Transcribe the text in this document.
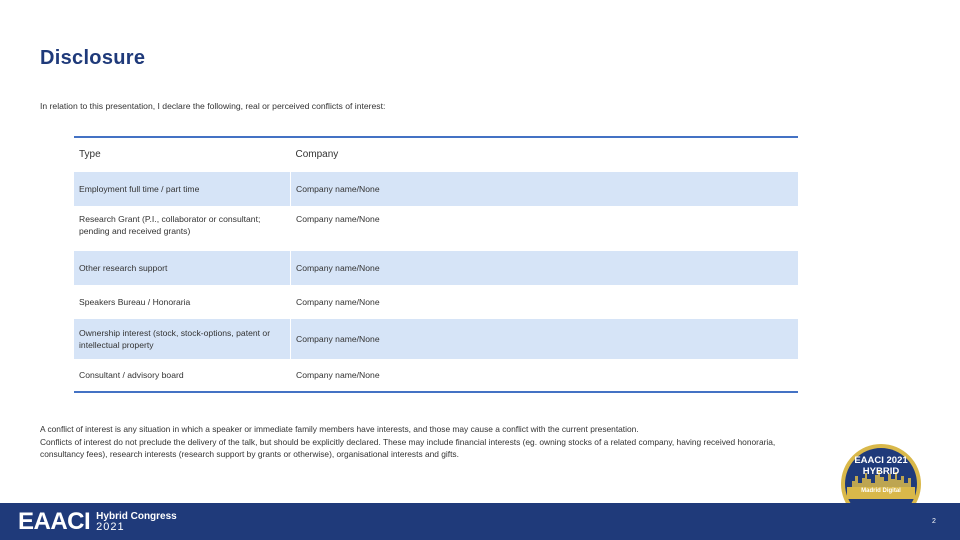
Disclosure
In relation to this presentation, I declare the following, real or perceived conflicts of interest:
Type	Company
Employment full time / part time	Company name/None
Research Grant (P.I., collaborator or consultant; pending and received grants)	Company name/None
Other research support	Company name/None
Speakers Bureau / Honoraria	Company name/None
Ownership interest (stock, stock-options, patent or intellectual property	Company name/None
Consultant / advisory board	Company name/None
A conflict of interest is any situation in which a speaker or immediate family members have interests, and those may cause a conflict with the current presentation.
Conflicts of interest do not preclude the delivery of the talk, but should be explicitly declared. These may include financial interests (eg. owning stocks of a related company, having received honoraria, consultancy fees), research interests (research support by grants or otherwise), organisational interests and gifts.
EAACI 2021
HYBRID
Madrid Digital
EAACI Hybrid Congress
2021	2
